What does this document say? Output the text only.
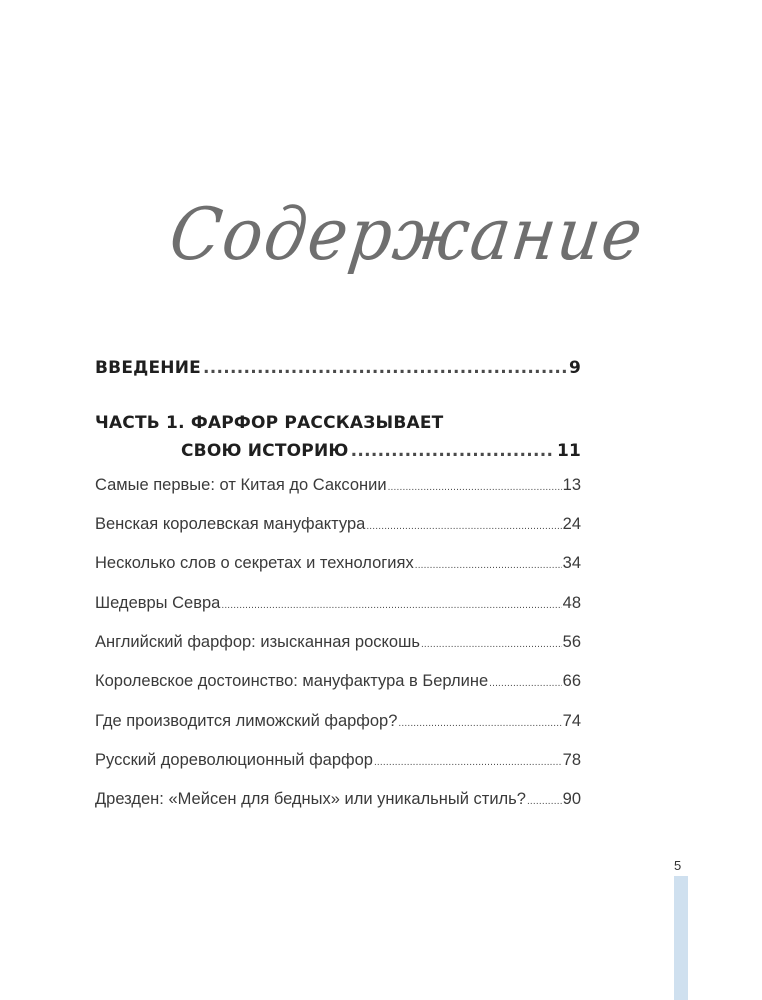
Содержание
ВВЕДЕНИЕ .....	9
ЧАСТЬ 1. ФАРФОР РАССКАЗЫВАЕТ
СВОЮ ИСТОРИЮ .....	11
Самые первые: от Китая до Саксонии .....	13
Венская королевская мануфактура .....	24
Несколько слов о секретах и технологиях .....	34
Шедевры Севра .....	48
Английский фарфор: изысканная роскошь .....	56
Королевское достоинство: мануфактура в Берлине .....	66
Где производится лиможский фарфор? .....	74
Русский дореволюционный фарфор .....	78
Дрезден: «Мейсен для бедных» или уникальный стиль? ..... 90
5
